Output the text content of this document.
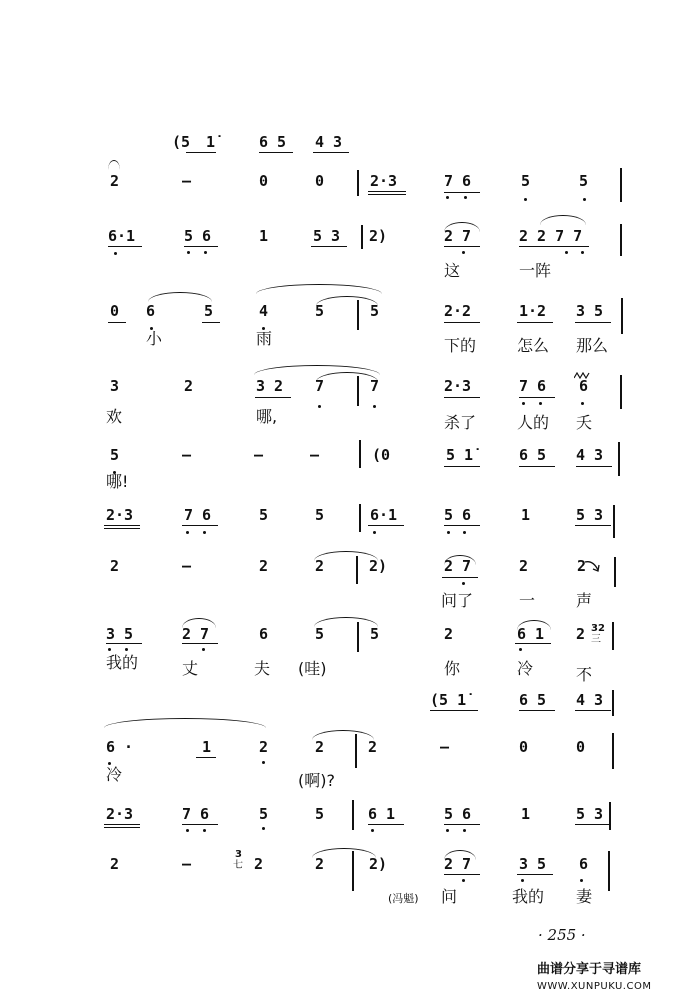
32
三
3
七
(冯魁)
(5 1̇	6 5 4 3
2	—	0	0	2·3	7 6	5	5
6·1	5 6	1	5 3 2)	2 7	2 2 7 7
0 6	5	4	5	5	2·2	1·2 3 5
3	2	3 2 7	7	2·3	7 6 6
5	—	—	—	(0	5 1̇	6 5 4 3
2·3	7 6	5	5	6·1	5 6	1	5 3
2	—	2	2	2)	2 7	2	2
3 5	2 7	6	5	5	2	6 1 2
(5 1̇	6 5 4 3
6 ·	1	2	2	2	—	0	0
2·3	7 6	5	5	6 1	5 6	1	5 3
2	—	2	2	2)	2 7	3 5 6
这	一阵
小	雨	下的	怎么 那么
欢	哪,	杀了	人的 夭
哪!
问了	一	声
我的	丈	夫 (哇)	你	冷	不
冷	(啊)?
问	我的 妻
· 255 ·
曲谱分享于寻谱库
WWW.XUNPUKU.COM
